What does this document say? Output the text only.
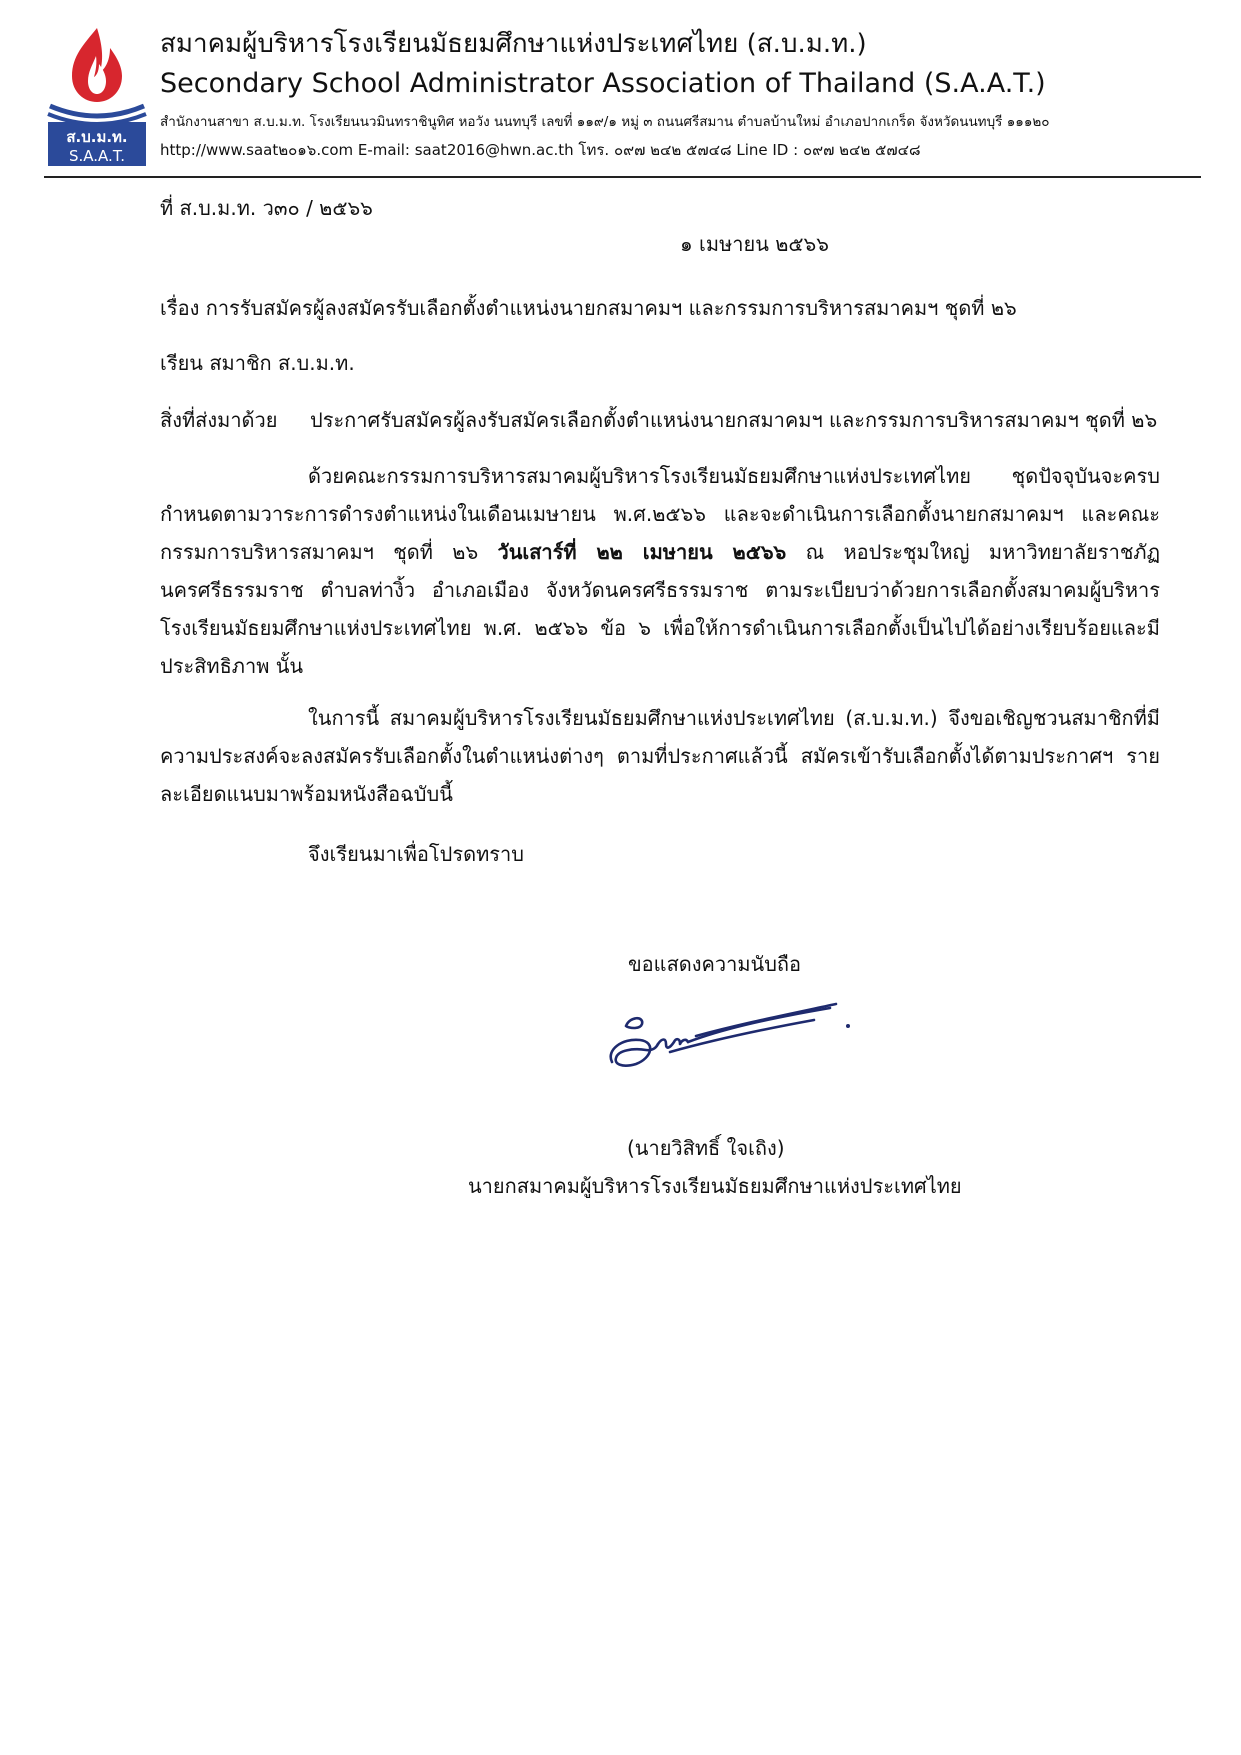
ส.บ.ม.ท.
S.A.A.T.
สมาคมผู้บริหารโรงเรียนมัธยมศึกษาแห่งประเทศไทย (ส.บ.ม.ท.)
Secondary School Administrator Association of Thailand (S.A.A.T.)
สำนักงานสาขา ส.บ.ม.ท. โรงเรียนนวมินทราชินูทิศ หอวัง นนทบุรี เลขที่ ๑๑๙/๑ หมู่ ๓ ถนนศรีสมาน ตำบลบ้านใหม่ อำเภอปากเกร็ด จังหวัดนนทบุรี ๑๑๑๒๐
http://www.saat๒๐๑๖.com E-mail: saat2016@hwn.ac.th โทร. ๐๙๗ ๒๔๒ ๕๗๔๘ Line ID : ๐๙๗ ๒๔๒ ๕๗๔๘
ที่ ส.บ.ม.ท. ว๓๐ / ๒๕๖๖
๑ เมษายน ๒๕๖๖
เรื่อง การรับสมัครผู้ลงสมัครรับเลือกตั้งตำแหน่งนายกสมาคมฯ และกรรมการบริหารสมาคมฯ ชุดที่ ๒๖
เรียน สมาชิก ส.บ.ม.ท.
สิ่งที่ส่งมาด้วย ประกาศรับสมัครผู้ลงรับสมัครเลือกตั้งตำแหน่งนายกสมาคมฯ และกรรมการบริหารสมาคมฯ ชุดที่ ๒๖
ด้วยคณะกรรมการบริหารสมาคมผู้บริหารโรงเรียนมัธยมศึกษาแห่งประเทศไทย ชุดปัจจุบันจะครบกำหนดตามวาระการดำรงตำแหน่งในเดือนเมษายน พ.ศ.๒๕๖๖ และจะดำเนินการเลือกตั้งนายกสมาคมฯ และคณะกรรมการบริหารสมาคมฯ ชุดที่ ๒๖ วันเสาร์ที่ ๒๒ เมษายน ๒๕๖๖ ณ หอประชุมใหญ่ มหาวิทยาลัยราชภัฏนครศรีธรรมราช ตำบลท่างิ้ว อำเภอเมือง จังหวัดนครศรีธรรมราช ตามระเบียบว่าด้วยการเลือกตั้งสมาคมผู้บริหารโรงเรียนมัธยมศึกษาแห่งประเทศไทย พ.ศ. ๒๕๖๖ ข้อ ๖ เพื่อให้การดำเนินการเลือกตั้งเป็นไปได้อย่างเรียบร้อยและมีประสิทธิภาพ นั้น
ในการนี้ สมาคมผู้บริหารโรงเรียนมัธยมศึกษาแห่งประเทศไทย (ส.บ.ม.ท.) จึงขอเชิญชวนสมาชิกที่มีความประสงค์จะลงสมัครรับเลือกตั้งในตำแหน่งต่างๆ ตามที่ประกาศแล้วนี้ สมัครเข้ารับเลือกตั้งได้ตามประกาศฯ รายละเอียดแนบมาพร้อมหนังสือฉบับนี้
จึงเรียนมาเพื่อโปรดทราบ
ขอแสดงความนับถือ
(นายวิสิทธิ์ ใจเถิง)
นายกสมาคมผู้บริหารโรงเรียนมัธยมศึกษาแห่งประเทศไทย
